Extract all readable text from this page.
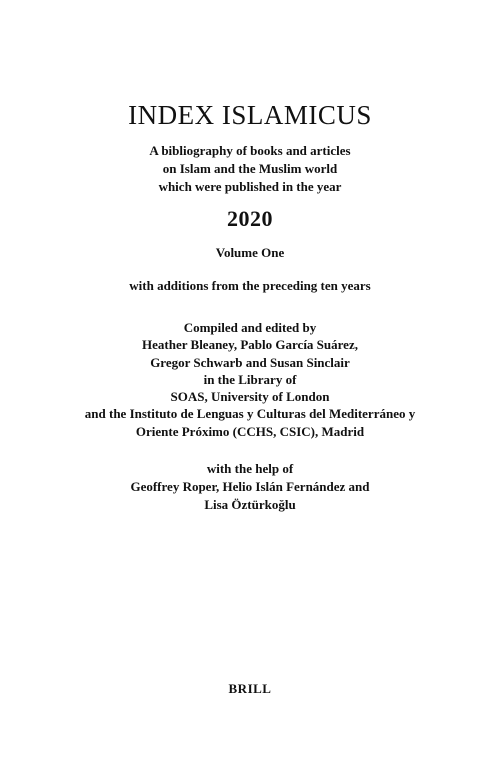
INDEX ISLAMICUS
A bibliography of books and articles
on Islam and the Muslim world
which were published in the year
2020
Volume One
with additions from the preceding ten years
Compiled and edited by
Heather Bleaney, Pablo García Suárez,
Gregor Schwarb and Susan Sinclair
in the Library of
SOAS, University of London
and the Instituto de Lenguas y Culturas del Mediterráneo y
Oriente Próximo (CCHS, CSIC), Madrid
with the help of
Geoffrey Roper, Helio Islán Fernández and
Lisa Öztürkoğlu
BRILL
